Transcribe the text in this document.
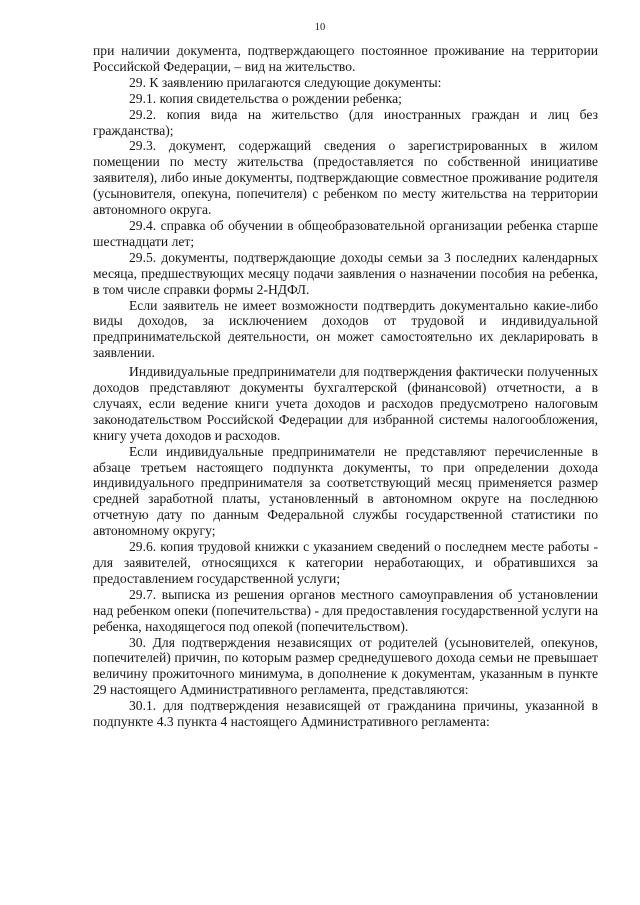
10

при наличии документа, подтверждающего постоянное проживание на территории Российской Федерации, – вид на жительство.

29. К заявлению прилагаются следующие документы:

29.1. копия свидетельства о рождении ребенка;

29.2. копия вида на жительство (для иностранных граждан и лиц без гражданства);

29.3. документ, содержащий сведения о зарегистрированных в жилом помещении по месту жительства (предоставляется по собственной инициативе заявителя), либо иные документы, подтверждающие совместное проживание родителя (усыновителя, опекуна, попечителя) с ребенком по месту жительства на территории автономного округа.

29.4. справка об обучении в общеобразовательной организации ребенка старше шестнадцати лет;

29.5. документы, подтверждающие доходы семьи за 3 последних календарных месяца, предшествующих месяцу подачи заявления о назначении пособия на ребенка, в том числе справки формы 2-НДФЛ.

Если заявитель не имеет возможности подтвердить документально какие-либо виды доходов, за исключением доходов от трудовой и индивидуальной предпринимательской деятельности, он может самостоятельно их декларировать в заявлении.

Индивидуальные предприниматели для подтверждения фактически полученных доходов представляют документы бухгалтерской (финансовой) отчетности, а в случаях, если ведение книги учета доходов и расходов предусмотрено налоговым законодательством Российской Федерации для избранной системы налогообложения, книгу учета доходов и расходов.

Если индивидуальные предприниматели не представляют перечисленные в абзаце третьем настоящего подпункта документы, то при определении дохода индивидуального предпринимателя за соответствующий месяц применяется размер средней заработной платы, установленный в автономном округе на последнюю отчетную дату по данным Федеральной службы государственной статистики по автономному округу;

29.6. копия трудовой книжки с указанием сведений о последнем месте работы - для заявителей, относящихся к категории неработающих, и обратившихся за предоставлением государственной услуги;

29.7. выписка из решения органов местного самоуправления об установлении над ребенком опеки (попечительства) - для предоставления государственной услуги на ребенка, находящегося под опекой (попечительством).

30. Для подтверждения независящих от родителей (усыновителей, опекунов, попечителей) причин, по которым размер среднедушевого дохода семьи не превышает величину прожиточного минимума, в дополнение к документам, указанным в пункте 29 настоящего Административного регламента, представляются:

30.1. для подтверждения независящей от гражданина причины, указанной в подпункте 4.3 пункта 4 настоящего Административного регламента:
